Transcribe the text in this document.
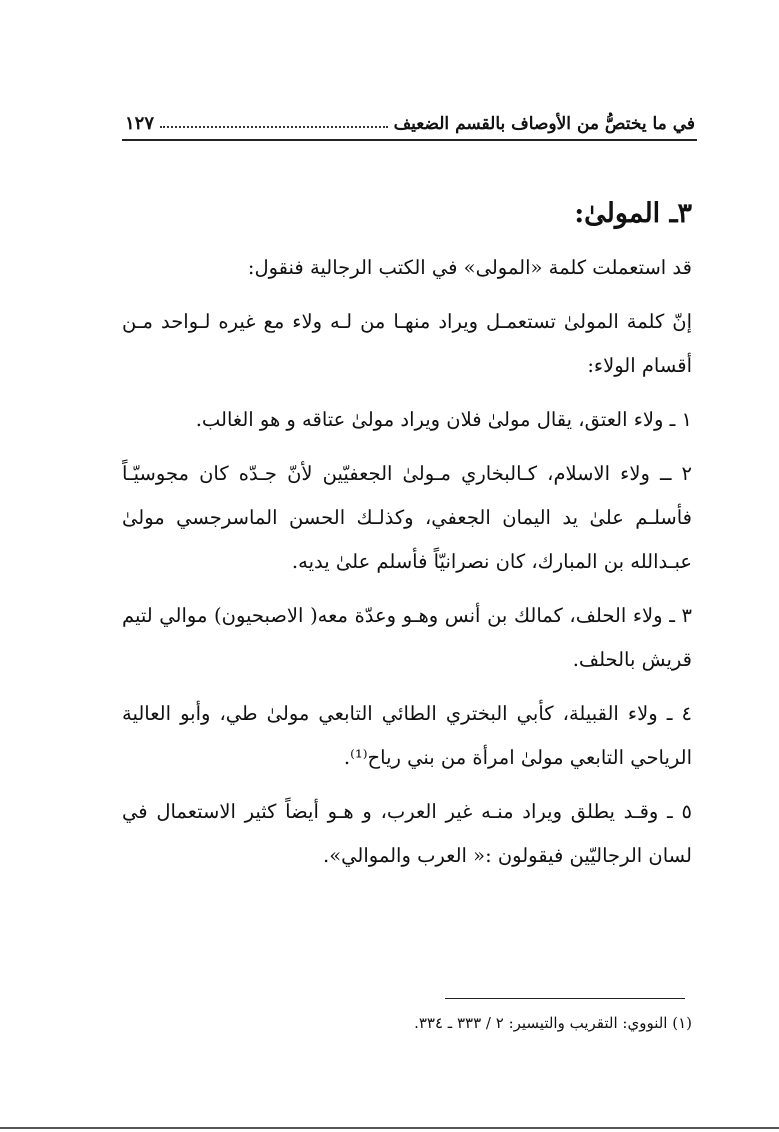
في ما يختصُّ من الأوصاف بالقسم الضعيف
١٢٧
٣ـ المولىٰ:

قد استعملت كلمة «المولى» في الكتب الرجالية فنقول:

إنّ كلمة المولىٰ تستعمـل ويراد منهـا من لـه ولاء مع غيره لـواحد مـن أقسام الولاء:

١ ـ ولاء العتق، يقال مولىٰ فلان ويراد مولىٰ عتاقه و هو الغالب.

٢ ــ ولاء الاسلام، كـالبخاري مـولىٰ الجعفيّين لأنّ جـدّه كان مجوسيّـاً فأسلـم علىٰ يد اليمان الجعفي، وكذلـك الحسن الماسرجسي مولىٰ عبـدالله بن المبارك، كان نصرانيّاً فأسلم علىٰ يديه.

٣ ـ ولاء الحلف، كمالك بن أنس وهـو وعدّة معه( الاصبحيون) موالي لتيم قريش بالحلف.

٤ ـ ولاء القبيلة، كأبي البختري الطائي التابعي مولىٰ طي، وأبو العالية الرياحي التابعي مولىٰ امرأة من بني رياح⁽¹⁾.

٥ ـ وقـد يطلق ويراد منـه غير العرب، و هـو أيضاً كثير الاستعمال في لسان الرجاليّين فيقولون :« العرب والموالي».

(١) النووي: التقريب والتيسير: ٢ / ٣٣٣ ـ ٣٣٤.
